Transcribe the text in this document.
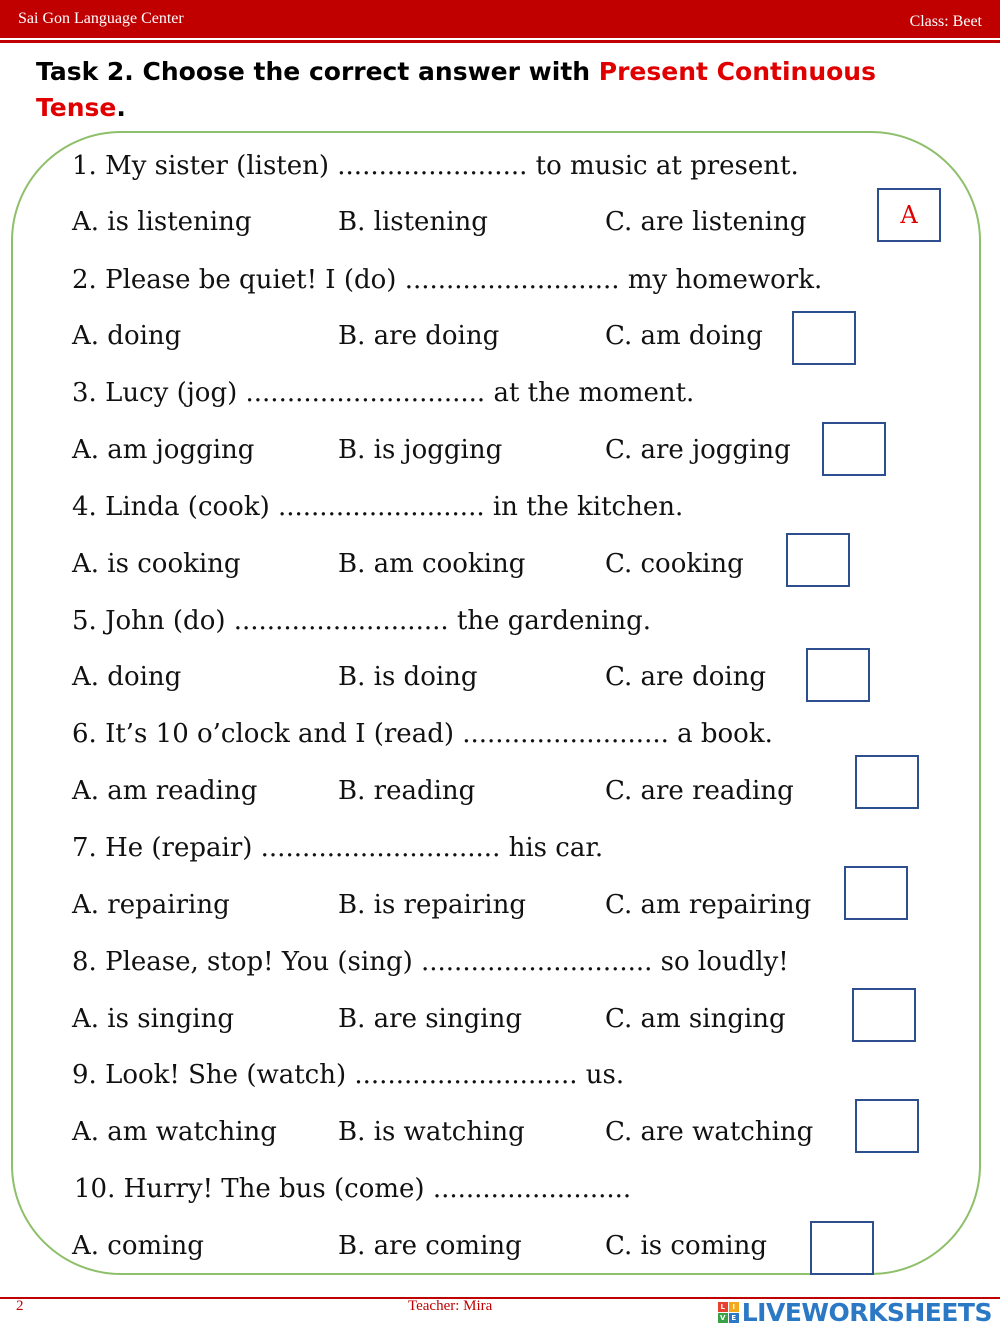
Sai Gon Language Center	Class: Beet
Task 2. Choose the correct answer with Present Continuous Tense.
1. My sister (listen) ....................... to music at present.
A. is listening	B. listening	C. are listening	A
2. Please be quiet! I (do) .......................... my homework.
A. doing	B. are doing	C. am doing
3. Lucy (jog) ............................. at the moment.
A. am jogging	B. is jogging	C. are jogging
4. Linda (cook) ......................... in the kitchen.
A. is cooking	B. am cooking	C. cooking
5. John (do) .......................... the gardening.
A. doing	B. is doing	C. are doing
6. It’s 10 o’clock and I (read) ......................... a book.
A. am reading	B. reading	C. are reading
7. He (repair) ............................. his car.
A. repairing	B. is repairing	C. am repairing
8. Please, stop! You (sing) ............................ so loudly!
A. is singing	B. are singing	C. am singing
9. Look! She (watch) ........................... us.
A. am watching B. is watching	C. are watching
10. Hurry! The bus (come) ........................
A. coming	B. are coming	C. is coming
2	Teacher: Mira	L	I
V E LIVEWORKSHEETS
